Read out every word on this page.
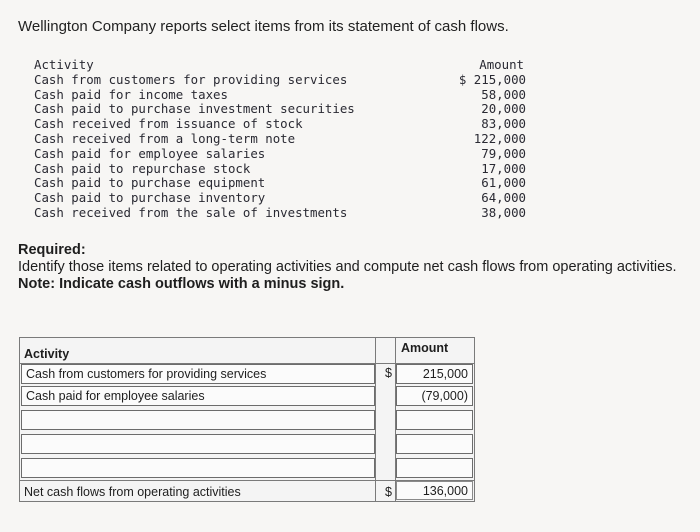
Wellington Company reports select items from its statement of cash flows.
Activity	Amount
Cash from customers for providing services	$ 215,000
Cash paid for income taxes	58,000
Cash paid to purchase investment securities	20,000
Cash received from issuance of stock	83,000
Cash received from a long-term note	122,000
Cash paid for employee salaries	79,000
Cash paid to repurchase stock	17,000
Cash paid to purchase equipment	61,000
Cash paid to purchase inventory	64,000
Cash received from the sale of investments	38,000
Required:
Identify those items related to operating activities and compute net cash flows from operating activities.
Note: Indicate cash outflows with a minus sign.
Activity	Amount
Cash from customers for providing services	$	215,000
Cash paid for employee salaries	(79,000)
Net cash flows from operating activities	$	136,000
